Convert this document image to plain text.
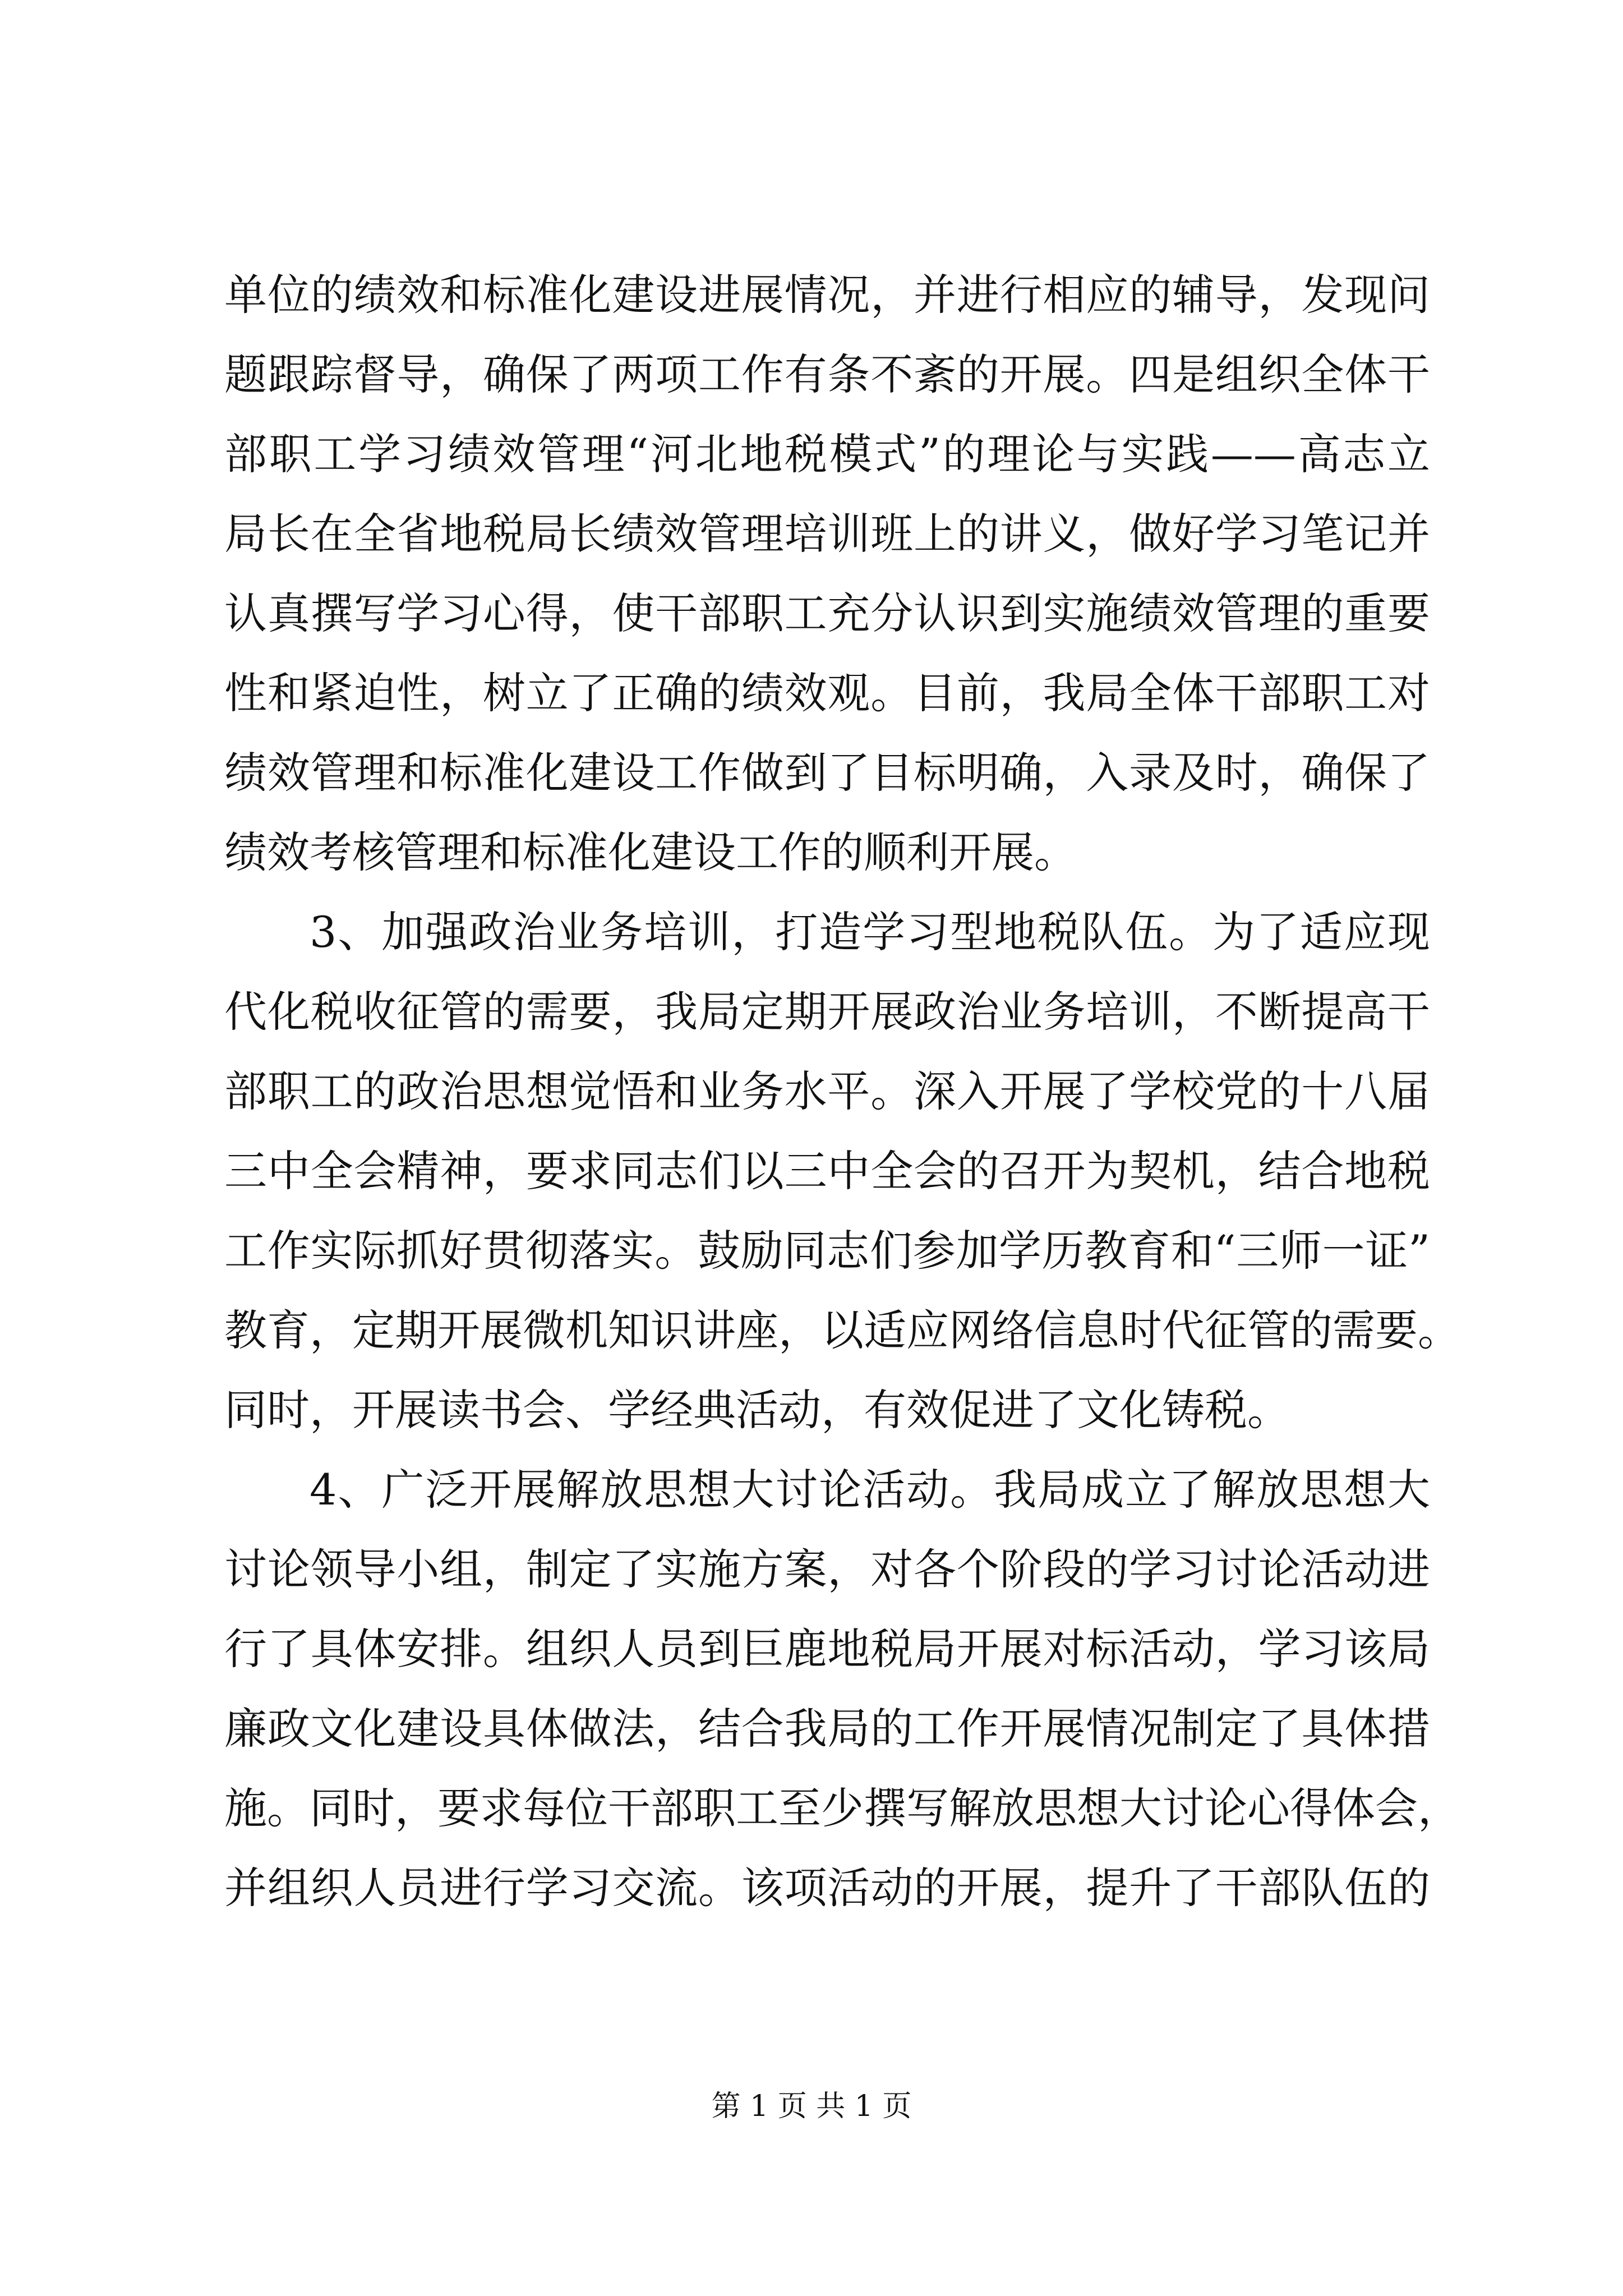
单位的绩效和标准化建设进展情况，并进行相应的辅导，发现问
题跟踪督导，确保了两项工作有条不紊的开展。四是组织全体干
部职工学习绩效管理“河北地税模式”的理论与实践——高志立
局长在全省地税局长绩效管理培训班上的讲义，做好学习笔记并
认真撰写学习心得，使干部职工充分认识到实施绩效管理的重要
性和紧迫性，树立了正确的绩效观。目前，我局全体干部职工对
绩效管理和标准化建设工作做到了目标明确，入录及时，确保了
绩效考核管理和标准化建设工作的顺利开展。
3、加强政治业务培训，打造学习型地税队伍。为了适应现
代化税收征管的需要，我局定期开展政治业务培训，不断提高干
部职工的政治思想觉悟和业务水平。深入开展了学校党的十八届
三中全会精神，要求同志们以三中全会的召开为契机，结合地税
工作实际抓好贯彻落实。鼓励同志们参加学历教育和“三师一证”
教育，定期开展微机知识讲座，以适应网络信息时代征管的需要。
同时，开展读书会、学经典活动，有效促进了文化铸税。
4、广泛开展解放思想大讨论活动。我局成立了解放思想大
讨论领导小组，制定了实施方案，对各个阶段的学习讨论活动进
行了具体安排。组织人员到巨鹿地税局开展对标活动，学习该局
廉政文化建设具体做法，结合我局的工作开展情况制定了具体措
施。同时，要求每位干部职工至少撰写解放思想大讨论心得体会，
并组织人员进行学习交流。该项活动的开展，提升了干部队伍的
第 1 页 共 1 页
